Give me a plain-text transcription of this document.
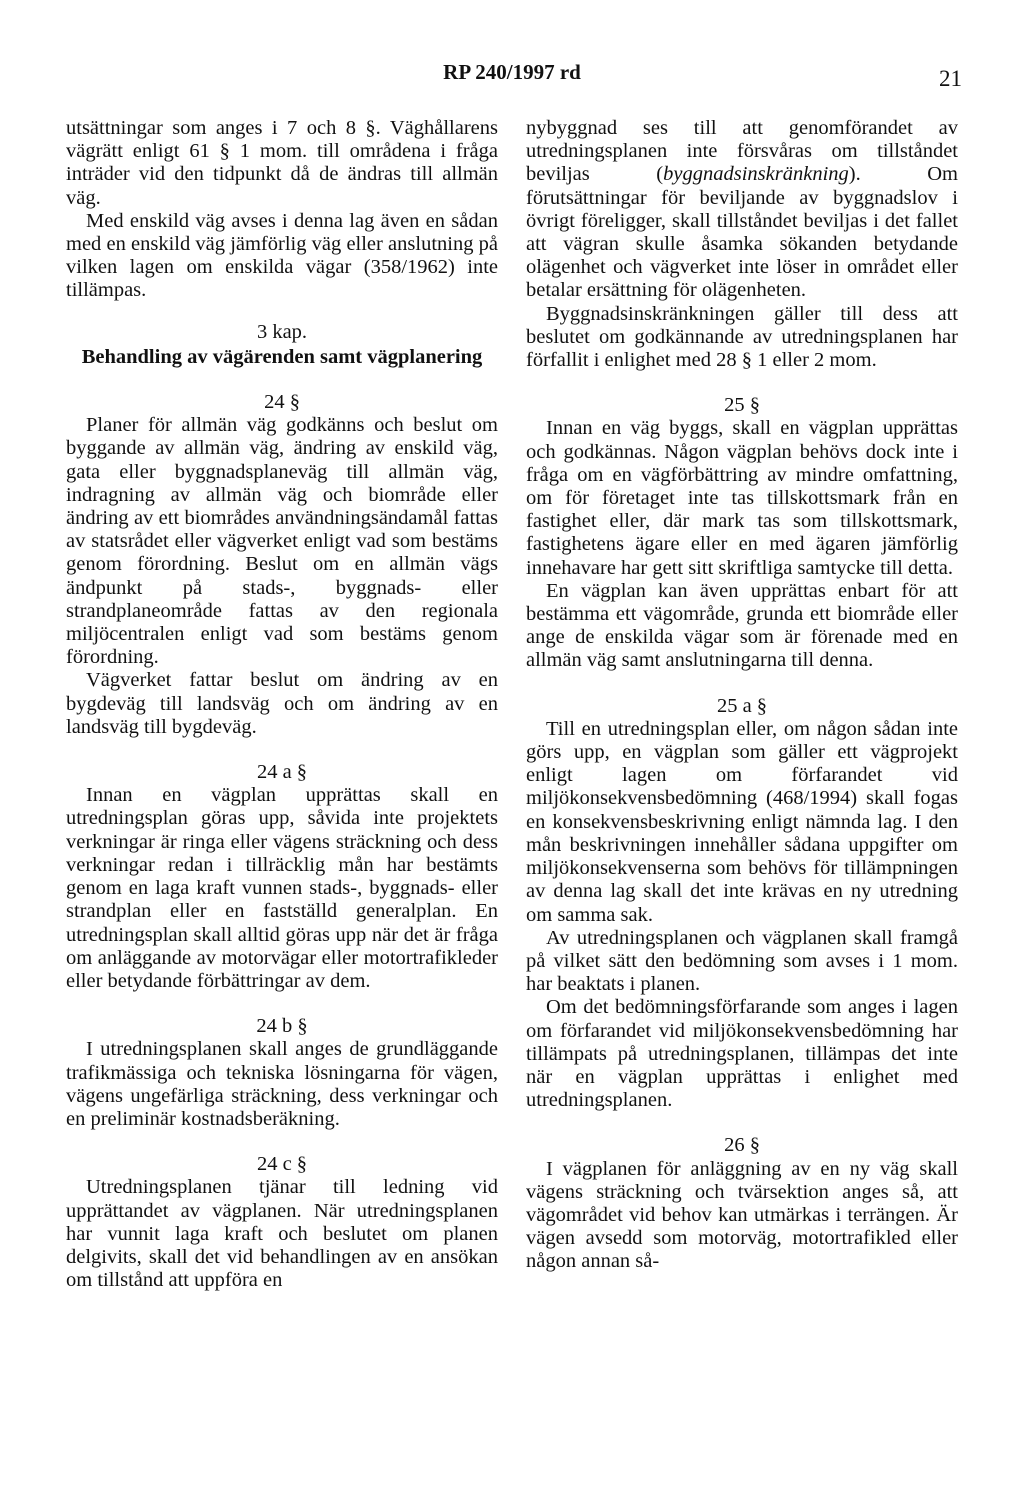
RP 240/1997 rd	21

utsättningar som anges i 7 och 8 §. Väghållarens vägrätt enligt 61 § 1 mom. till områdena i fråga inträder vid den tidpunkt då de ändras till allmän väg.

Med enskild väg avses i denna lag även en sådan med en enskild väg jämförlig väg eller anslutning på vilken lagen om enskilda vägar (358/1962) inte tillämpas.

3 kap.
Behandling av vägärenden samt vägplanering
24 §

Planer för allmän väg godkänns och beslut om byggande av allmän väg, ändring av enskild väg, gata eller byggnadsplaneväg till allmän väg, indragning av allmän väg och biområde eller ändring av ett biområdes användningsändamål fattas av statsrådet eller vägverket enligt vad som bestäms genom förordning. Beslut om en allmän vägs ändpunkt på stads-, byggnads- eller strandplaneområde fattas av den regionala miljöcentralen enligt vad som bestäms genom förordning.

Vägverket fattar beslut om ändring av en bygdeväg till landsväg och om ändring av en landsväg till bygdeväg.

24 a §

Innan en vägplan upprättas skall en utredningsplan göras upp, såvida inte projektets verkningar är ringa eller vägens sträckning och dess verkningar redan i tillräcklig mån har bestämts genom en laga kraft vunnen stads-, byggnads- eller strandplan eller en fastställd generalplan. En utredningsplan skall alltid göras upp när det är fråga om anläggande av motorvägar eller motortrafikleder eller betydande förbättringar av dem.

24 b §

I utredningsplanen skall anges de grundläggande trafikmässiga och tekniska lösningarna för vägen, vägens ungefärliga sträckning, dess verkningar och en preliminär kostnadsberäkning.

24 c §

Utredningsplanen tjänar till ledning vid upprättandet av vägplanen. När utredningsplanen har vunnit laga kraft och beslutet om planen delgivits, skall det vid behandlingen av en ansökan om tillstånd att uppföra en

nybyggnad ses till att genomförandet av utredningsplanen inte försvåras om tillståndet beviljas (byggnadsinskränkning). Om förutsättningar för beviljande av byggnadslov i övrigt föreligger, skall tillståndet beviljas i det fallet att vägran skulle åsamka sökanden betydande olägenhet och vägverket inte löser in området eller betalar ersättning för olägenheten.

Byggnadsinskränkningen gäller till dess att beslutet om godkännande av utredningsplanen har förfallit i enlighet med 28 § 1 eller 2 mom.

25 §

Innan en väg byggs, skall en vägplan upprättas och godkännas. Någon vägplan behövs dock inte i fråga om en vägförbättring av mindre omfattning, om för företaget inte tas tillskottsmark från en fastighet eller, där mark tas som tillskottsmark, fastighetens ägare eller en med ägaren jämförlig innehavare har gett sitt skriftliga samtycke till detta.

En vägplan kan även upprättas enbart för att bestämma ett vägområde, grunda ett biområde eller ange de enskilda vägar som är förenade med en allmän väg samt anslutningarna till denna.

25 a §

Till en utredningsplan eller, om någon sådan inte görs upp, en vägplan som gäller ett vägprojekt enligt lagen om förfarandet vid miljökonsekvensbedömning (468/1994) skall fogas en konsekvensbeskrivning enligt nämnda lag. I den mån beskrivningen innehåller sådana uppgifter om miljökonsekvenserna som behövs för tillämpningen av denna lag skall det inte krävas en ny utredning om samma sak.

Av utredningsplanen och vägplanen skall framgå på vilket sätt den bedömning som avses i 1 mom. har beaktats i planen.

Om det bedömningsförfarande som anges i lagen om förfarandet vid miljökonsekvensbedömning har tillämpats på utredningsplanen, tillämpas det inte när en vägplan upprättas i enlighet med utredningsplanen.

26 §

I vägplanen för anläggning av en ny väg skall vägens sträckning och tvärsektion anges så, att vägområdet vid behov kan utmärkas i terrängen. Är vägen avsedd som motorväg, motortrafikled eller någon annan så-
